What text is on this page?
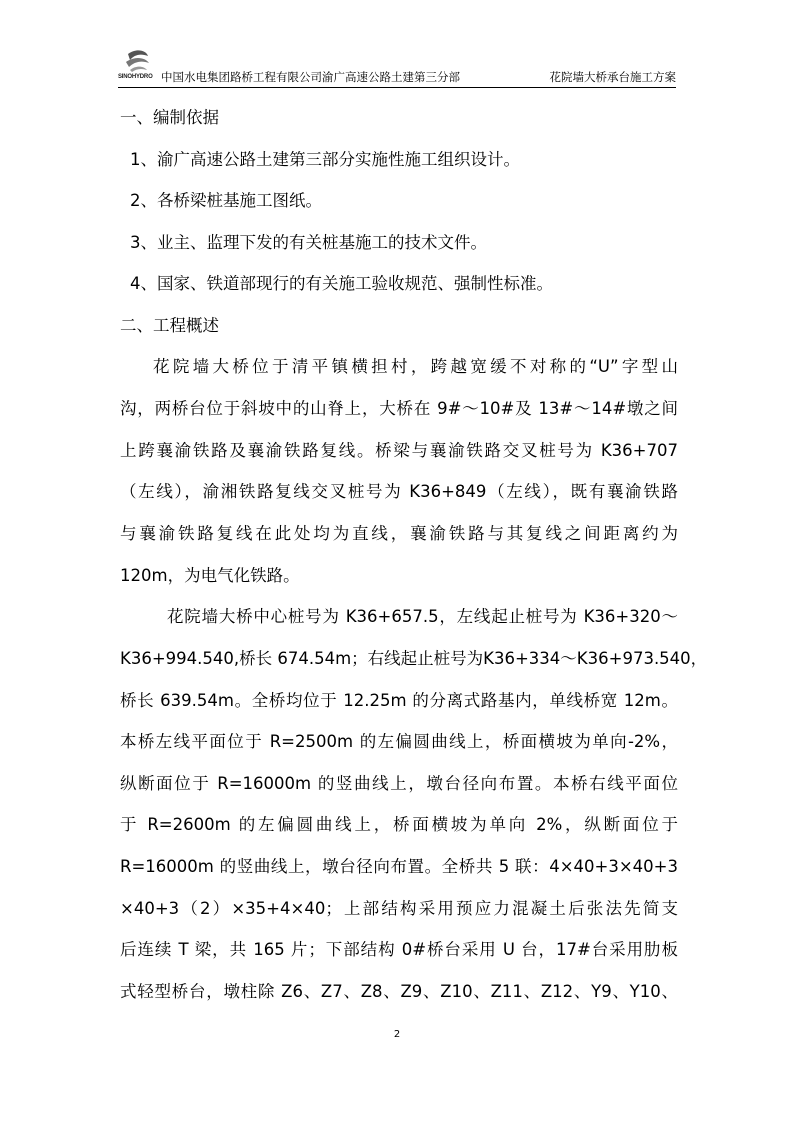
SINOHYDRO 中国水电集团路桥工程有限公司渝广高速公路土建第三分部	花院墙大桥承台施工方案
一、编制依据
1、渝广高速公路土建第三部分实施性施工组织设计。
2、各桥梁桩基施工图纸。
3、业主、监理下发的有关桩基施工的技术文件。
4、国家、铁道部现行的有关施工验收规范、强制性标准。
二、工程概述
花院墙大桥位于清平镇横担村，跨越宽缓不对称的“U”字型山
沟，两桥台位于斜坡中的山脊上，大桥在 9#～10#及 13#～14#墩之间
上跨襄渝铁路及襄渝铁路复线。桥梁与襄渝铁路交叉桩号为 K36+707
（左线），渝湘铁路复线交叉桩号为 K36+849（左线），既有襄渝铁路
与襄渝铁路复线在此处均为直线，襄渝铁路与其复线之间距离约为
120m，为电气化铁路。
花院墙大桥中心桩号为 K36+657.5，左线起止桩号为 K36+320～
K36+994.540,桥长 674.54m；右线起止桩号为K36+334～K36+973.540，
桥长 639.54m。全桥均位于 12.25m 的分离式路基内，单线桥宽 12m。
本桥左线平面位于 R=2500m 的左偏圆曲线上，桥面横坡为单向-2%，
纵断面位于 R=16000m 的竖曲线上，墩台径向布置。本桥右线平面位
于 R=2600m 的左偏圆曲线上，桥面横坡为单向 2%，纵断面位于
R=16000m 的竖曲线上，墩台径向布置。全桥共 5 联：4×40+3×40+3
×40+3（2）×35+4×40；上部结构采用预应力混凝土后张法先简支
后连续 T 梁，共 165 片；下部结构 0#桥台采用 U 台，17#台采用肋板
式轻型桥台，墩柱除 Z6、Z7、Z8、Z9、Z10、Z11、Z12、Y9、Y10、
2
